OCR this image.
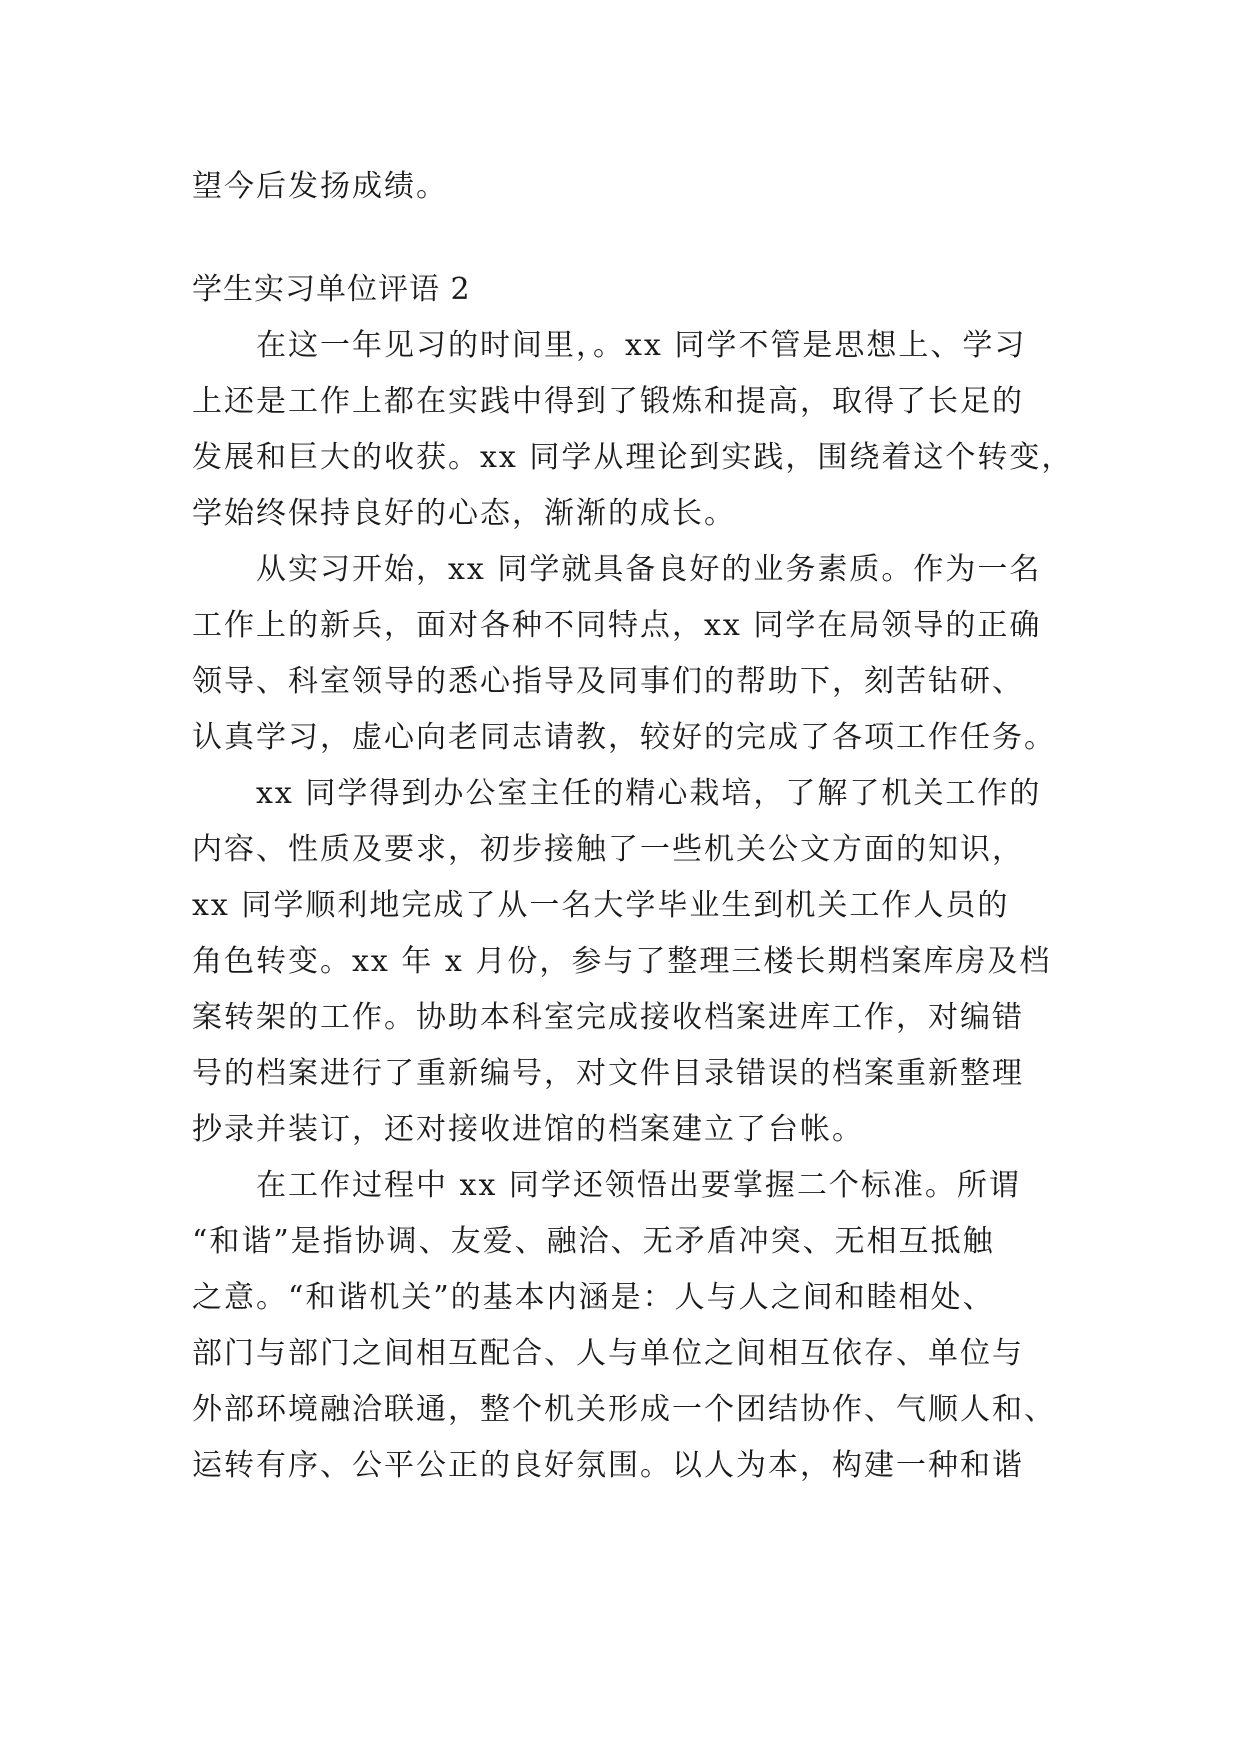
望今后发扬成绩。
学生实习单位评语 2
在这一年见习的时间里，。xx 同学不管是思想上、学习
上还是工作上都在实践中得到了锻炼和提高，取得了长足的
发展和巨大的收获。xx 同学从理论到实践，围绕着这个转变，
学始终保持良好的心态，渐渐的成长。
从实习开始，xx 同学就具备良好的业务素质。作为一名
工作上的新兵，面对各种不同特点，xx 同学在局领导的正确
领导、科室领导的悉心指导及同事们的帮助下，刻苦钻研、
认真学习，虚心向老同志请教，较好的完成了各项工作任务。
xx 同学得到办公室主任的精心栽培，了解了机关工作的
内容、性质及要求，初步接触了一些机关公文方面的知识，
xx 同学顺利地完成了从一名大学毕业生到机关工作人员的
角色转变。xx 年 x 月份，参与了整理三楼长期档案库房及档
案转架的工作。协助本科室完成接收档案进库工作，对编错
号的档案进行了重新编号，对文件目录错误的档案重新整理
抄录并装订，还对接收进馆的档案建立了台帐。
在工作过程中 xx 同学还领悟出要掌握二个标准。所谓
“和谐”是指协调、友爱、融洽、无矛盾冲突、无相互抵触
之意。“和谐机关”的基本内涵是：人与人之间和睦相处、
部门与部门之间相互配合、人与单位之间相互依存、单位与
外部环境融洽联通，整个机关形成一个团结协作、气顺人和、
运转有序、公平公正的良好氛围。以人为本，构建一种和谐
